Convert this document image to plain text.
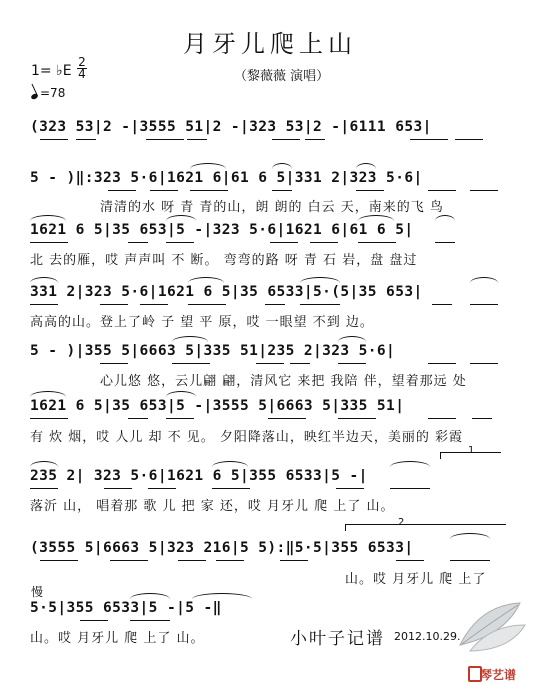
月牙儿爬上山
1= ♭E
2
4	（黎薇薇 演唱）
=78
(323 53|2 -|3555 51|2 -|323 53|2 -|6111 653|
5 - )‖:323 5·6|1621 6|61 6 5|331 2|323 5·6|
清清的水 呀 青 青的山，朗 朗的 白云 天，南来的飞 鸟
1621 6 5|35 653|5 -|323 5·6|1621 6|61 6 5|
北 去的雁，哎 声声叫 不 断。 弯弯的路 呀 青 石 岩，盘 盘过
331 2|323 5·6|1621 6 5|35 6533|5·(5|35 653|
高高的山。登上了岭 子 望 平 原，哎 一眼望 不到 边。
5 - )|355 5|6663 5|335 51|235 2|323 5·6|
心儿悠 悠，云儿翩 翩，清风它 来把 我陪 伴，望着那远 处
1621 6 5|35 653|5 -|3555 5|6663 5|335 51|
有 炊 烟，哎 人儿 却 不 见。 夕阳降落山，映红半边天，美丽的 彩霞
235 2| 323 5·6|1621 6 5|355 6533|5 -|
落沂 山， 唱着那 歌 儿 把 家 还，哎 月牙儿 爬 上了 山。
1
(3555 5|6663 5|323 216|5 5):‖5·5|355 6533|
山。哎 月牙儿 爬 上了
2
慢
5·5|355 6533|5 -|5 -‖
山。哎 月牙儿 爬 上了 山。	小叶子记谱 2012.10.29.
琴艺谱
